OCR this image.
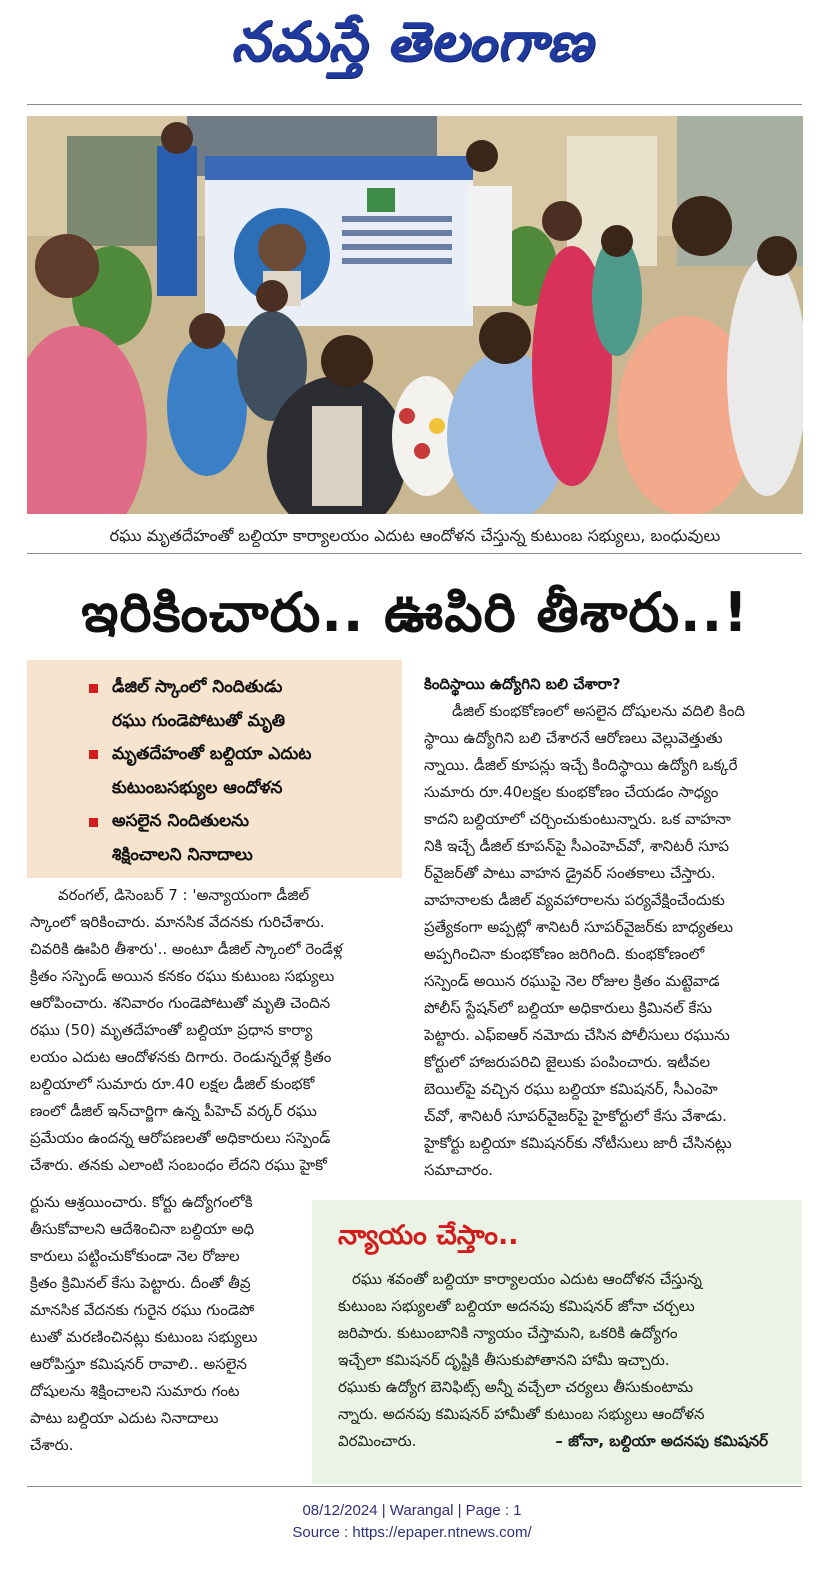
నమస్తే తెలంగాణ
రఘు మృతదేహంతో బల్దియా కార్యాలయం ఎదుట ఆందోళన చేస్తున్న కుటుంబ సభ్యులు, బంధువులు
ఇరికించారు.. ఊపిరి తీశారు..!
డీజిల్ స్కాంలో నిందితుడు
రఘు గుండెపోటుతో మృతి
మృతదేహంతో బల్దియా ఎదుట
కుటుంబసభ్యుల ఆందోళన
అసలైన నిందితులను
శిక్షించాలని నినాదాలు
వరంగల్, డిసెంబర్ 7 : 'అన్యాయంగా డీజిల్
స్కాంలో ఇరికించారు. మానసిక వేదనకు గురిచేశారు.
చివరికి ఊపిరి తీశారు'.. అంటూ డీజిల్ స్కాంలో రెండేళ్ల
క్రితం సస్పెండ్ అయిన కనకం రఘు కుటుంబ సభ్యులు
ఆరోపించారు. శనివారం గుండెపోటుతో మృతి చెందిన
రఘు (50) మృతదేహంతో బల్దియా ప్రధాన కార్యా
లయం ఎదుట ఆందోళనకు దిగారు. రెండున్నరేళ్ల క్రితం
బల్దియాలో సుమారు రూ.40 లక్షల డీజిల్ కుంభకో
ణంలో డీజిల్ ఇన్‌చార్జిగా ఉన్న పీహెచ్ వర్కర్ రఘు
ప్రమేయం ఉందన్న ఆరోపణలతో అధికారులు సస్పెండ్
చేశారు. తనకు ఎలాంటి సంబంధం లేదని రఘు హైకో
ర్టును ఆశ్రయించారు. కోర్టు ఉద్యోగంలోకి
తీసుకోవాలని ఆదేశించినా బల్దియా అధి
కారులు పట్టించుకోకుండా నెల రోజుల
క్రితం క్రిమినల్ కేసు పెట్టారు. దీంతో తీవ్ర
మానసిక వేదనకు గురైన రఘు గుండెపో
టుతో మరణించినట్లు కుటుంబ సభ్యులు
ఆరోపిస్తూ కమిషనర్ రావాలి.. అసలైన
దోషులను శిక్షించాలని సుమారు గంట
పాటు బల్దియా ఎదుట నినాదాలు
చేశారు.
కిందిస్థాయి ఉద్యోగిని బలి చేశారా?
డీజిల్ కుంభకోణంలో అసలైన దోషులను వదిలి కింది
స్థాయి ఉద్యోగిని బలి చేశారనే ఆరోణలు వెల్లువెత్తుతు
న్నాయి. డీజిల్ కూపన్లు ఇచ్చే కిందిస్థాయి ఉద్యోగి ఒక్కరే
సుమారు రూ.40లక్షల కుంభకోణం చేయడం సాధ్యం
కాదని బల్దియాలో చర్చించుకుంటున్నారు. ఒక వాహనా
నికి ఇచ్చే డీజిల్ కూపన్‌పై సీఎంహెచ్‌వో, శానిటరీ సూప
ర్‌వైజర్‌తో పాటు వాహన డ్రైవర్ సంతకాలు చేస్తారు.
వాహనాలకు డీజిల్ వ్యవహారాలను పర్యవేక్షించేందుకు
ప్రత్యేకంగా అప్పట్లో శానిటరీ సూపర్‌వైజర్‌కు బాధ్యతలు
అప్పగించినా కుంభకోణం జరిగింది. కుంభకోణంలో
సస్పెండ్ అయిన రఘుపై నెల రోజుల క్రితం మట్టెవాడ
పోలీస్ స్టేషన్‌లో బల్దియా అధికారులు క్రిమినల్ కేసు
పెట్టారు. ఎఫ్ఐఆర్ నమోదు చేసిన పోలీసులు రఘును
కోర్టులో హాజరుపరిచి జైలుకు పంపించారు. ఇటీవల
బెయిల్‌పై వచ్చిన రఘు బల్దియా కమిషనర్, సీఎంహె
చ్‌వో, శానిటరీ సూపర్‌వైజర్‌పై హైకోర్టులో కేసు వేశాడు.
హైకోర్టు బల్దియా కమిషనర్‌కు నోటీసులు జారీ చేసినట్లు
సమాచారం.
న్యాయం చేస్తాం..
రఘు శవంతో బల్దియా కార్యాలయం ఎదుట ఆందోళన చేస్తున్న
కుటుంబ సభ్యులతో బల్దియా అదనపు కమిషనర్ జోనా చర్చలు
జరిపారు. కుటుంబానికి న్యాయం చేస్తామని, ఒకరికి ఉద్యోగం
ఇచ్చేలా కమిషనర్ దృష్టికి తీసుకుపోతానని హామీ ఇచ్చారు.
రఘుకు ఉద్యోగ బెనిఫిట్స్ అన్నీ వచ్చేలా చర్యలు తీసుకుంటామ
న్నారు. అదనపు కమిషనర్ హామీతో కుటుంబ సభ్యులు ఆందోళన
విరమించారు.	– జోనా, బల్దియా అదనపు కమిషనర్
08/12/2024 | Warangal | Page : 1
Source : https://epaper.ntnews.com/
